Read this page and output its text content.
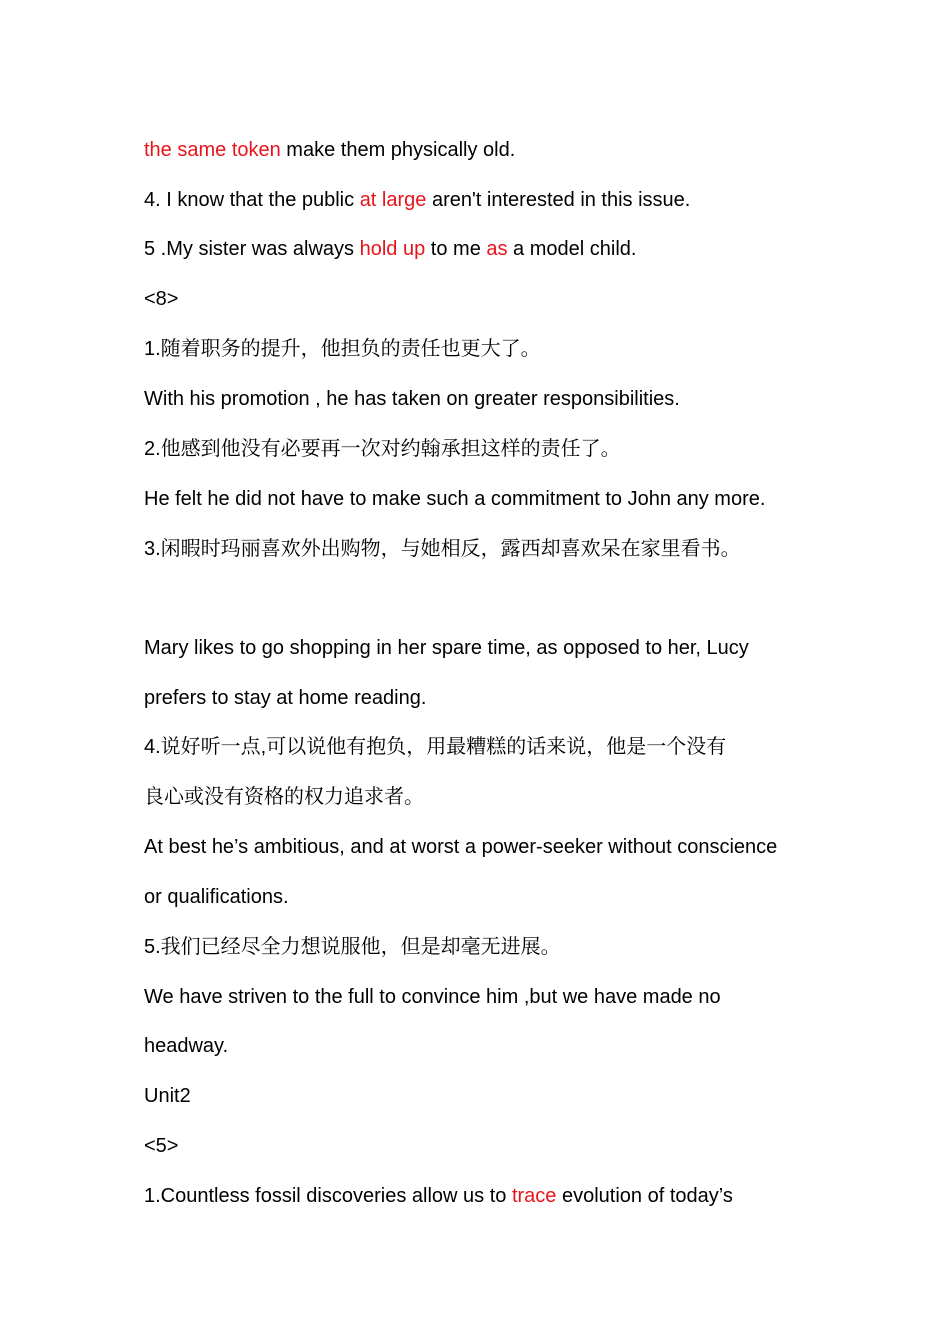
the same token make them physically old.
4. I know that the public at large aren't interested in this issue.
5 .My sister was always hold up to me as a model child.
<8>
1.随着职务的提升，他担负的责任也更大了。
With his promotion , he has taken on greater responsibilities.
2.他感到他没有必要再一次对约翰承担这样的责任了。
He felt he did not have to make such a commitment to John any more.
3.闲暇时玛丽喜欢外出购物，与她相反，露西却喜欢呆在家里看书。
Mary likes to go shopping in her spare time, as opposed to her, Lucy
prefers to stay at home reading.
4.说好听一点,可以说他有抱负，用最糟糕的话来说，他是一个没有
良心或没有资格的权力追求者。
At best he’s ambitious, and at worst a power-seeker without conscience
or qualifications.
5.我们已经尽全力想说服他，但是却毫无进展。
We have striven to the full to convince him ,but we have made no
headway.
Unit2
<5>
1.Countless fossil discoveries allow us to trace evolution of today’s
